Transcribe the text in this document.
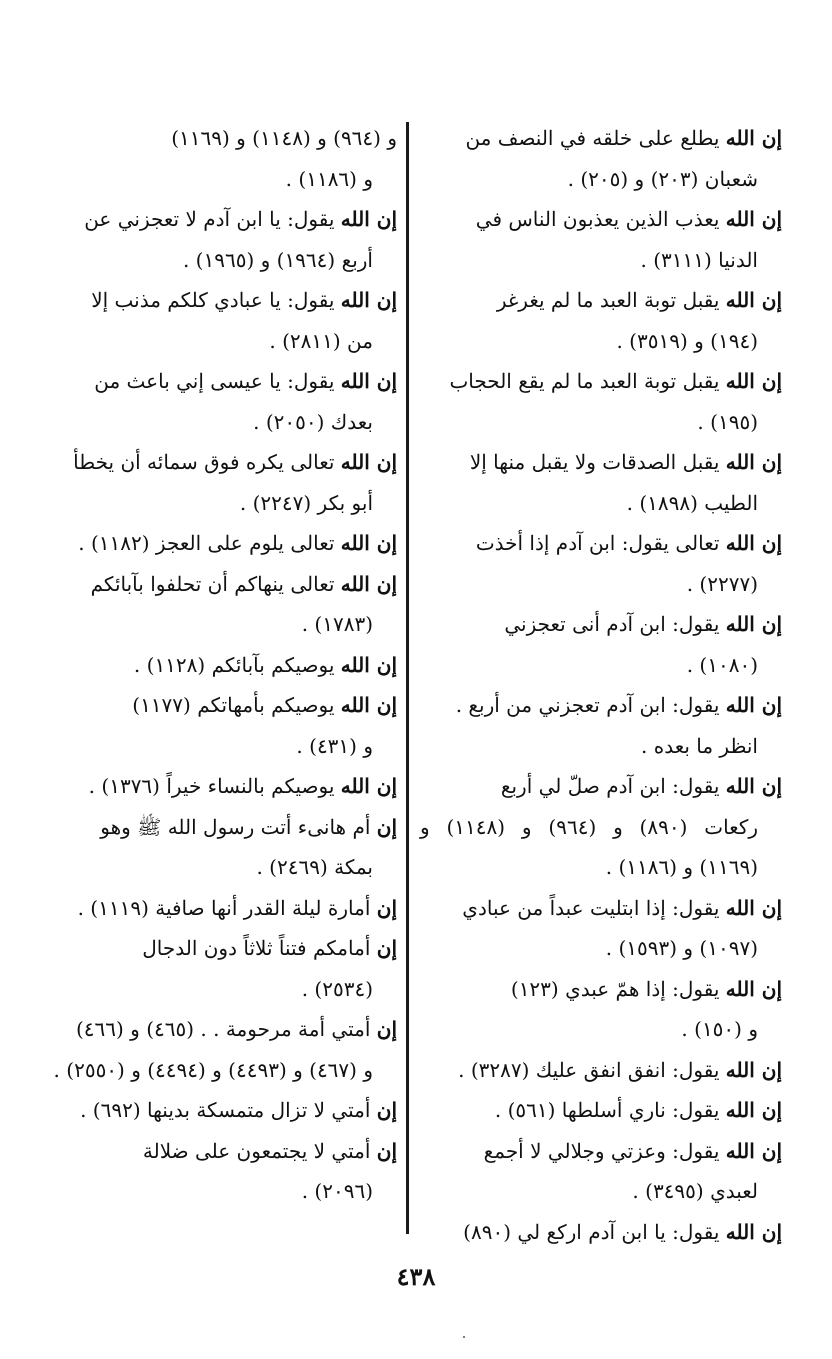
إن الله يطلع على خلقه في النصف من
شعبان (٢٠٣) و (٢٠٥) .
إن الله يعذب الذين يعذبون الناس في
الدنيا (٣١١١) .
إن الله يقبل توبة العبد ما لم يغرغر
(١٩٤) و (٣٥١٩) .
إن الله يقبل توبة العبد ما لم يقع الحجاب
(١٩٥) .
إن الله يقبل الصدقات ولا يقبل منها إلا
الطيب (١٨٩٨) .
إن الله تعالى يقول: ابن آدم إذا أخذت
(٢٢٧٧) .
إن الله يقول: ابن آدم أنى تعجزني
(١٠٨٠) .
إن الله يقول: ابن آدم تعجزني من أربع .
انظر ما بعده .
إن الله يقول: ابن آدم صلّ لي أربع
ركعات (٨٩٠) و (٩٦٤) و (١١٤٨) و (١١٦٩) و (١١٨٦) .
إن الله يقول: إذا ابتليت عبداً من عبادي
(١٠٩٧) و (١٥٩٣) .
إن الله يقول: إذا همّ عبدي (١٢٣)
و (١٥٠) .
إن الله يقول: انفق انفق عليك (٣٢٨٧) .
إن الله يقول: ناري أسلطها (٥٦١) .
إن الله يقول: وعزتي وجلالي لا أجمع
لعبدي (٣٤٩٥) .
إن الله يقول: يا ابن آدم اركع لي (٨٩٠)
و (٩٦٤) و (١١٤٨) و (١١٦٩)
و (١١٨٦) .
إن الله يقول: يا ابن آدم لا تعجزني عن
أربع (١٩٦٤) و (١٩٦٥) .
إن الله يقول: يا عبادي كلكم مذنب إلا
من (٢٨١١) .
إن الله يقول: يا عيسى إني باعث من
بعدك (٢٠٥٠) .
إن الله تعالى يكره فوق سمائه أن يخطأ
أبو بكر (٢٢٤٧) .
إن الله تعالى يلوم على العجز (١١٨٢) .
إن الله تعالى ينهاكم أن تحلفوا بآبائكم
(١٧٨٣) .
إن الله يوصيكم بآبائكم (١١٢٨) .
إن الله يوصيكم بأمهاتكم (١١٧٧)
و (٤٣١) .
إن الله يوصيكم بالنساء خيراً (١٣٧٦) .
إن أم هانىء أتت رسول الله ﷺ وهو
بمكة (٢٤٦٩) .
إن أمارة ليلة القدر أنها صافية (١١١٩) .
إن أمامكم فتناً ثلاثاً دون الدجال
(٢٥٣٤) .
إن أمتي أمة مرحومة . . (٤٦٥) و (٤٦٦)
و (٤٦٧) و (٤٤٩٣) و (٤٤٩٤) و (٢٥٥٠) .
إن أمتي لا تزال متمسكة بدينها (٦٩٢) .
إن أمتي لا يجتمعون على ضلالة
(٢٠٩٦) .
٤٣٨
